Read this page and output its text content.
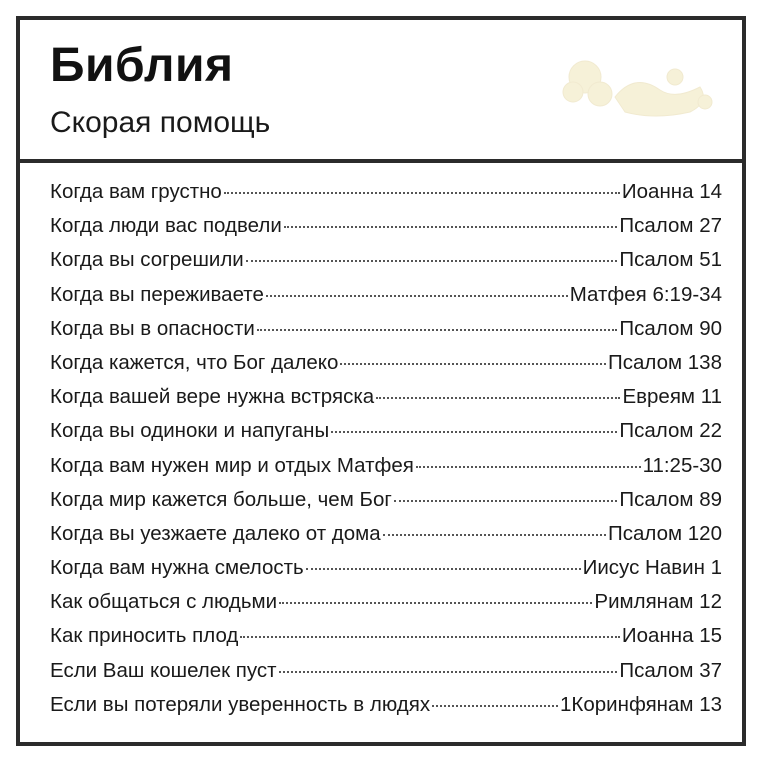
Библия
Скорая помощь
Когда вам грустно	Иоанна 14
Когда люди вас подвели	Псалом 27
Когда вы согрешили	Псалом 51
Когда вы переживаете	Матфея 6:19-34
Когда вы в опасности	Псалом 90
Когда кажется, что Бог далеко	Псалом 138
Когда вашей вере нужна встряска	Евреям 11
Когда вы одиноки и напуганы	Псалом 22
Когда вам нужен мир и отдых Матфея	11:25-30
Когда мир кажется больше, чем Бог	Псалом 89
Когда вы уезжаете далеко от дома	Псалом 120
Когда вам нужна смелость	Иисус Навин 1
Как общаться с людьми	Римлянам 12
Как приносить плод	Иоанна 15
Если Ваш кошелек пуст	Псалом 37
Если вы потеряли уверенность в людях	1Коринфянам 13
